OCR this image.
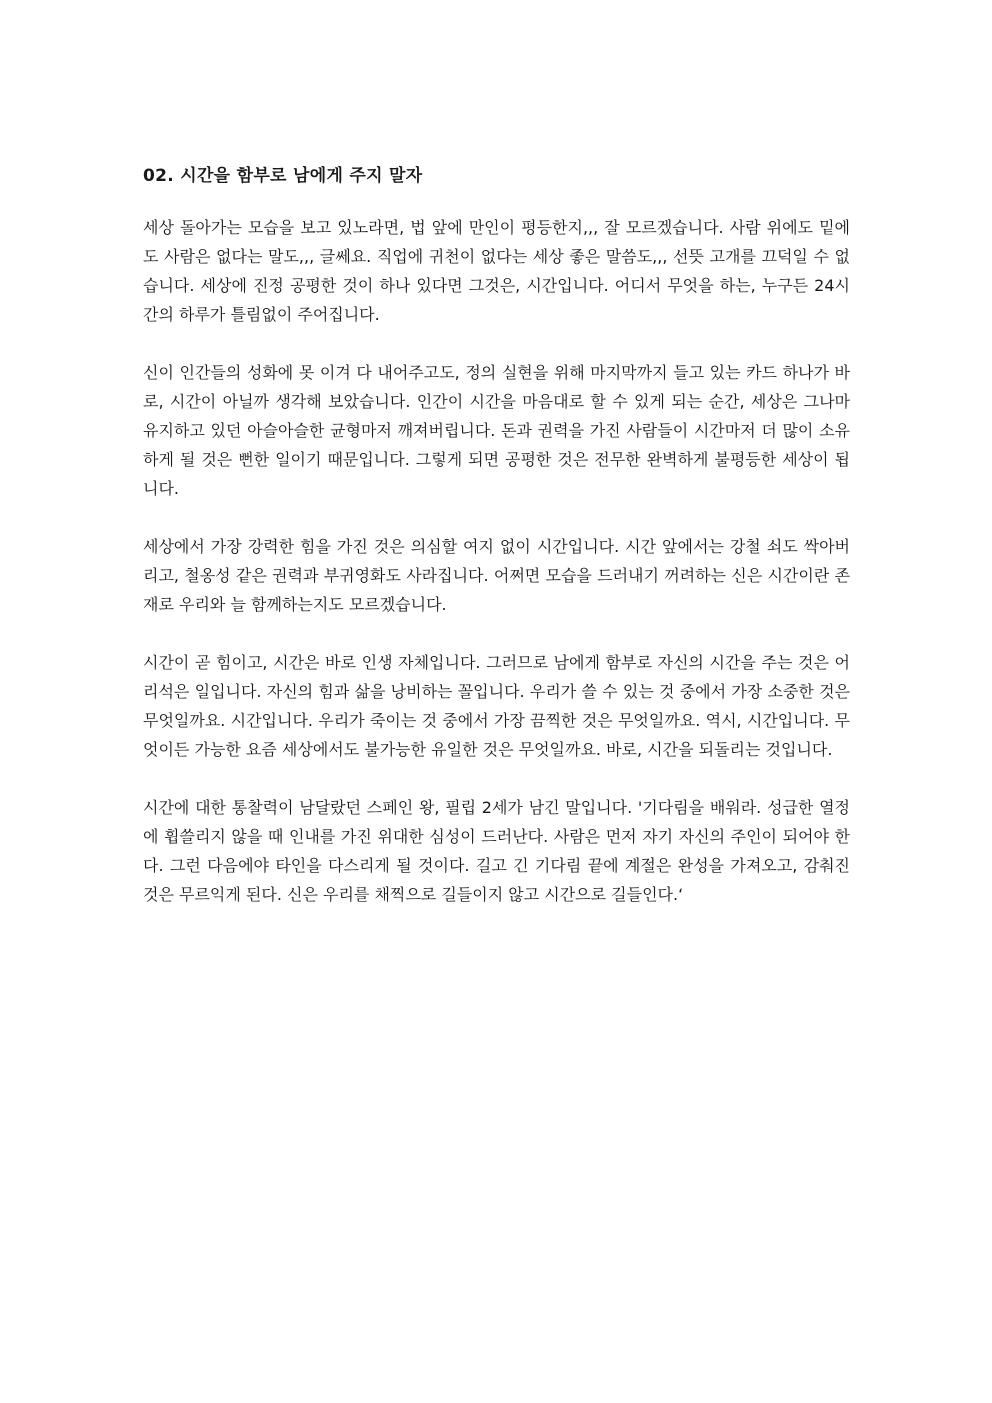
02. 시간을 함부로 남에게 주지 말자

세상 돌아가는 모습을 보고 있노라면, 법 앞에 만인이 평등한지,,, 잘 모르겠습니다. 사람 위에도 밑에도 사람은 없다는 말도,,, 글쎄요. 직업에 귀천이 없다는 세상 좋은 말씀도,,, 선뜻 고개를 끄덕일 수 없습니다. 세상에 진정 공평한 것이 하나 있다면 그것은, 시간입니다. 어디서 무엇을 하는, 누구든 24시간의 하루가 틀림없이 주어집니다.

신이 인간들의 성화에 못 이겨 다 내어주고도, 정의 실현을 위해 마지막까지 들고 있는 카드 하나가 바로, 시간이 아닐까 생각해 보았습니다. 인간이 시간을 마음대로 할 수 있게 되는 순간, 세상은 그나마 유지하고 있던 아슬아슬한 균형마저 깨져버립니다. 돈과 권력을 가진 사람들이 시간마저 더 많이 소유하게 될 것은 뻔한 일이기 때문입니다. 그렇게 되면 공평한 것은 전무한 완벽하게 불평등한 세상이 됩니다.

세상에서 가장 강력한 힘을 가진 것은 의심할 여지 없이 시간입니다. 시간 앞에서는 강철 쇠도 싹아버리고, 철옹성 같은 권력과 부귀영화도 사라집니다. 어쩌면 모습을 드러내기 꺼려하는 신은 시간이란 존재로 우리와 늘 함께하는지도 모르겠습니다.

시간이 곧 힘이고, 시간은 바로 인생 자체입니다. 그러므로 남에게 함부로 자신의 시간을 주는 것은 어리석은 일입니다. 자신의 힘과 삶을 낭비하는 꼴입니다. 우리가 쓸 수 있는 것 중에서 가장 소중한 것은 무엇일까요. 시간입니다. 우리가 죽이는 것 중에서 가장 끔찍한 것은 무엇일까요. 역시, 시간입니다. 무엇이든 가능한 요즘 세상에서도 불가능한 유일한 것은 무엇일까요. 바로, 시간을 되돌리는 것입니다.

시간에 대한 통찰력이 남달랐던 스페인 왕, 필립 2세가 남긴 말입니다. '기다림을 배워라. 성급한 열정에 휩쓸리지 않을 때 인내를 가진 위대한 심성이 드러난다. 사람은 먼저 자기 자신의 주인이 되어야 한다. 그런 다음에야 타인을 다스리게 될 것이다. 길고 긴 기다림 끝에 계절은 완성을 가져오고, 감춰진 것은 무르익게 된다. 신은 우리를 채찍으로 길들이지 않고 시간으로 길들인다.‘
